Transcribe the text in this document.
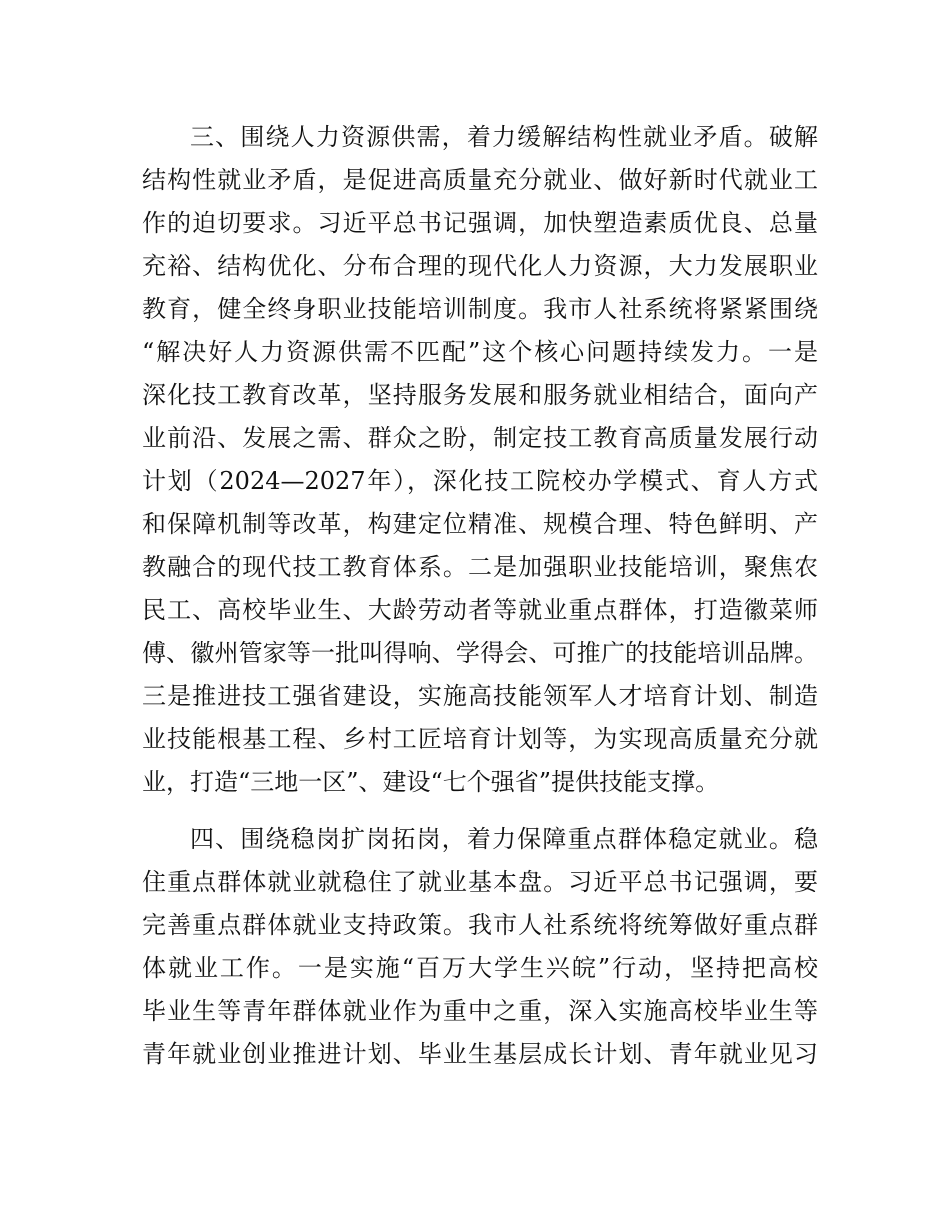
三、围绕人力资源供需，着力缓解结构性就业矛盾。破解
结构性就业矛盾，是促进高质量充分就业、做好新时代就业工
作的迫切要求。习近平总书记强调，加快塑造素质优良、总量
充裕、结构优化、分布合理的现代化人力资源，大力发展职业
教育，健全终身职业技能培训制度。我市人社系统将紧紧围绕
“解决好人力资源供需不匹配”这个核心问题持续发力。一是
深化技工教育改革，坚持服务发展和服务就业相结合，面向产
业前沿、发展之需、群众之盼，制定技工教育高质量发展行动
计划（2024—2027年），深化技工院校办学模式、育人方式
和保障机制等改革，构建定位精准、规模合理、特色鲜明、产
教融合的现代技工教育体系。二是加强职业技能培训，聚焦农
民工、高校毕业生、大龄劳动者等就业重点群体，打造徽菜师
傅、徽州管家等一批叫得响、学得会、可推广的技能培训品牌。
三是推进技工强省建设，实施高技能领军人才培育计划、制造
业技能根基工程、乡村工匠培育计划等，为实现高质量充分就
业，打造“三地一区”、建设“七个强省”提供技能支撑。
四、围绕稳岗扩岗拓岗，着力保障重点群体稳定就业。稳
住重点群体就业就稳住了就业基本盘。习近平总书记强调，要
完善重点群体就业支持政策。我市人社系统将统筹做好重点群
体就业工作。一是实施“百万大学生兴皖”行动，坚持把高校
毕业生等青年群体就业作为重中之重，深入实施高校毕业生等
青年就业创业推进计划、毕业生基层成长计划、青年就业见习
